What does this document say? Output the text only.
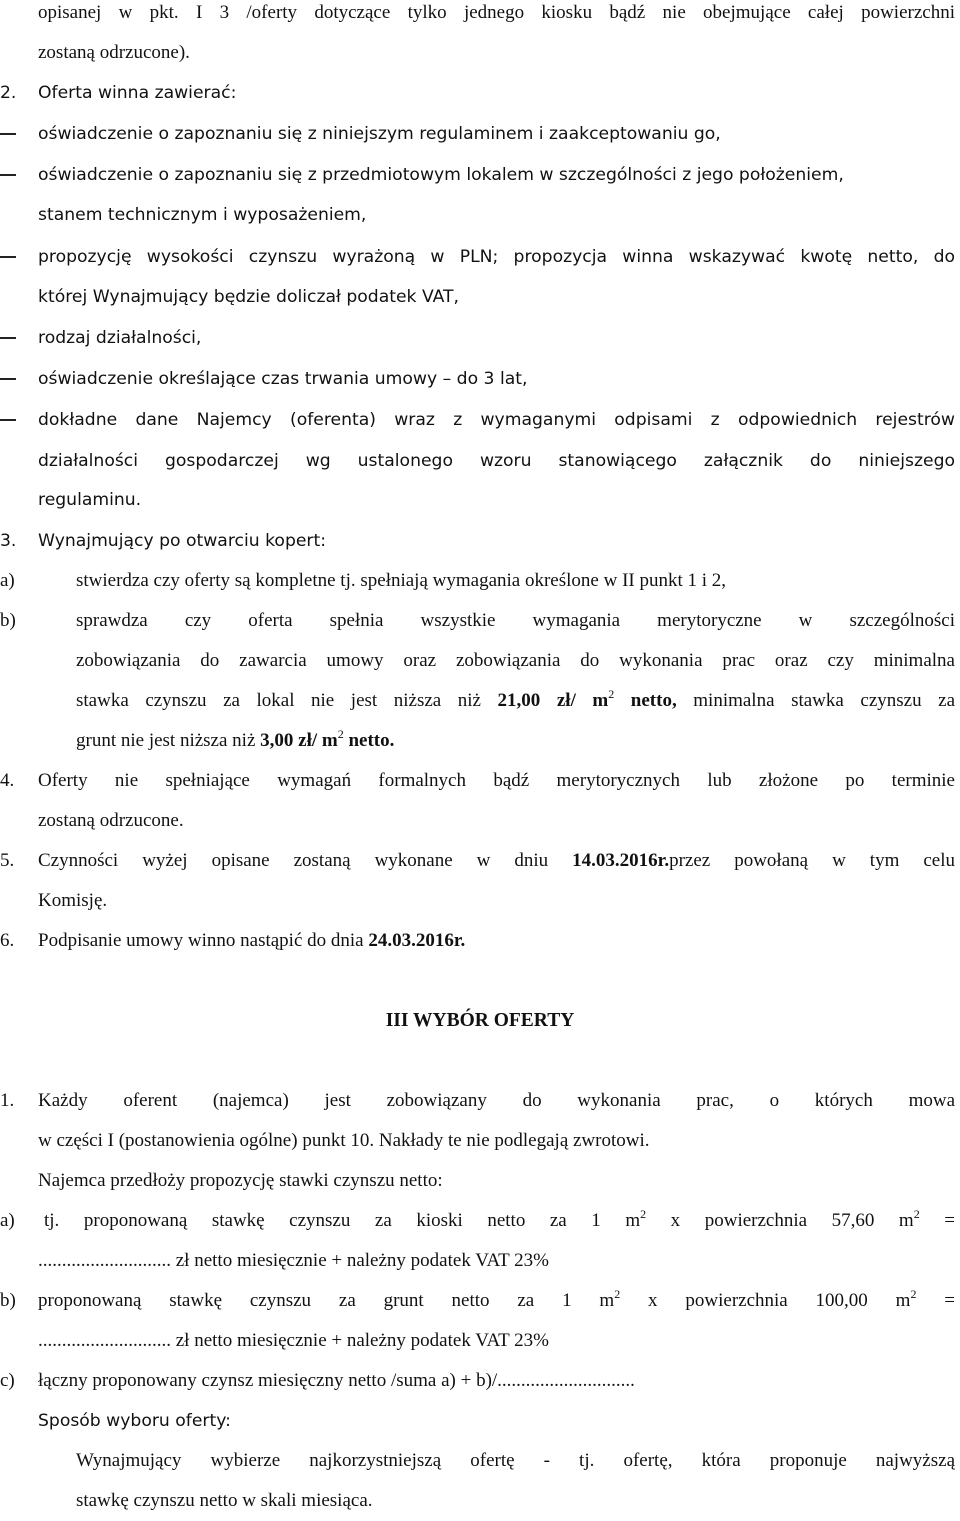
opisanej w pkt. I 3 /oferty dotyczące tylko jednego kiosku bądź nie obejmujące całej powierzchni
zostaną odrzucone).
2. Oferta winna zawierać:
oświadczenie o zapoznaniu się z niniejszym regulaminem i zaakceptowaniu go,
oświadczenie o zapoznaniu się z przedmiotowym lokalem w szczególności z jego położeniem,
stanem technicznym i wyposażeniem,
propozycję wysokości czynszu wyrażoną w PLN; propozycja winna wskazywać kwotę netto, do
której Wynajmujący będzie doliczał podatek VAT,
rodzaj działalności,
oświadczenie określające czas trwania umowy – do 3 lat,
dokładne dane Najemcy (oferenta) wraz z wymaganymi odpisami z odpowiednich rejestrów
działalności gospodarczej wg ustalonego wzoru stanowiącego załącznik do niniejszego
regulaminu.
3. Wynajmujący po otwarciu kopert:
a)	stwierdza czy oferty są kompletne tj. spełniają wymagania określone w II punkt 1 i 2,
b)	sprawdza czy oferta spełnia wszystkie wymagania merytoryczne w szczególności
zobowiązania do zawarcia umowy oraz zobowiązania do wykonania prac oraz czy minimalna
stawka czynszu za lokal nie jest niższa niż 21,00 zł/ $m^2$ netto, minimalna stawka czynszu za
grunt nie jest niższa niż 3,00 zł/ $m^2$ netto.
4. Oferty nie spełniające wymagań formalnych bądź merytorycznych lub złożone po terminie
zostaną odrzucone.
5. Czynności wyżej opisane zostaną wykonane w dniu 14.03.2016r.przez powołaną w tym celu
Komisję.
6. Podpisanie umowy winno nastąpić do dnia 24.03.2016r.
III WYBÓR OFERTY
1. Każdy oferent (najemca) jest zobowiązany do wykonania prac, o których mowa
w części I (postanowienia ogólne) punkt 10. Nakłady te nie podlegają zwrotowi.
Najemca przedłoży propozycję stawki czynszu netto:
a) tj. proponowaną stawkę czynszu za kioski netto za 1 $m^2$ x powierzchnia 57,60 $m^2$ =
............................ zł netto miesięcznie + należny podatek VAT 23%
b) proponowaną stawkę czynszu za grunt netto za 1 $m^2$ x powierzchnia 100,00 $m^2$ =
............................ zł netto miesięcznie + należny podatek VAT 23%
c) łączny proponowany czynsz miesięczny netto /suma a) + b)/.............................
Sposób wyboru oferty:
Wynajmujący wybierze najkorzystniejszą ofertę - tj. ofertę, która proponuje najwyższą
stawkę czynszu netto w skali miesiąca.
